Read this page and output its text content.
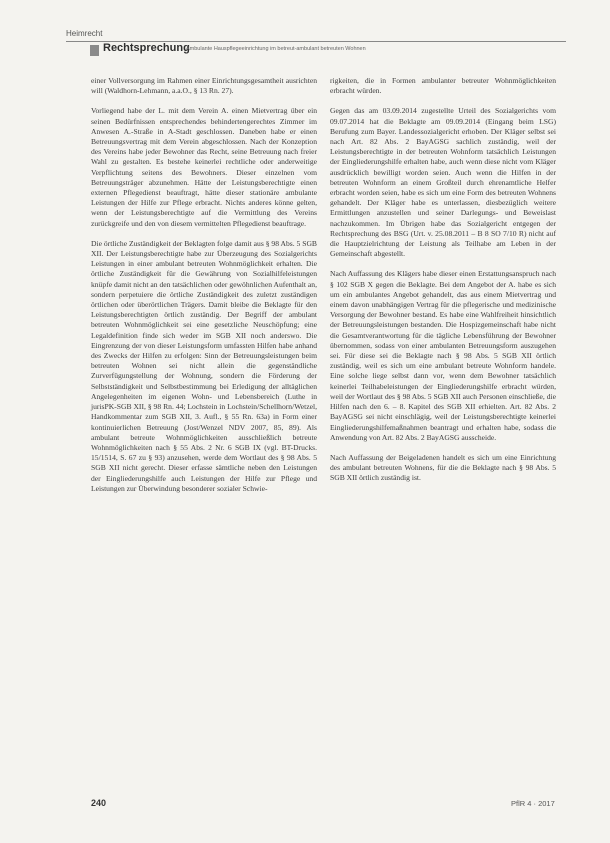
Heimrecht
Rechtsprechung
Ambulante Hauspflegeeinrichtung im betreut-ambulant betreuten Wohnen

einer Vollversorgung im Rahmen einer Einrichtungsgesamtheit ausrichten will (Waldhorn-Lehmann, a.a.O., § 13 Rn. 27).

Vorliegend habe der L. mit dem Verein A. einen Mietvertrag über ein seinen Bedürfnissen entsprechendes behindertengerechtes Zimmer im Anwesen A.-Straße in A-Stadt geschlossen. Daneben habe er einen Betreuungsvertrag mit dem Verein abgeschlossen. Nach der Konzeption des Vereins habe jeder Bewohner das Recht, seine Betreuung nach freier Wahl zu gestalten. Es bestehe keinerlei rechtliche oder anderweitige Verpflichtung seitens des Bewohners. Dieser einzelnen vom Betreuungsträger abzunehmen. Hätte der Leistungsberechtigte einen externen Pflegedienst beauftragt, hätte dieser stationäre ambulante Leistungen der Hilfe zur Pflege erbracht. Nichts anderes könne gelten, wenn der Leistungsberechtigte auf die Vermittlung des Vereins zurückgreife und den von diesem vermittelten Pflegedienst beauftrage.

Die örtliche Zuständigkeit der Beklagten folge damit aus § 98 Abs. 5 SGB XII. Der Leistungsberechtigte habe zur Überzeugung des Sozialgerichts Leistungen in einer ambulant betreuten Wohnmöglichkeit erhalten. Die örtliche Zuständigkeit für die Gewährung von Sozialhilfeleistungen knüpfe damit nicht an den tatsächlichen oder gewöhnlichen Aufenthalt an, sondern perpetuiere die örtliche Zuständigkeit des zuletzt zuständigen örtlichen oder überörtlichen Trägers. Damit bleibe die Beklagte für den Leistungsberechtigten örtlich zuständig. Der Begriff der ambulant betreuten Wohnmöglichkeit sei eine gesetzliche Neuschöpfung; eine Legaldefinition finde sich weder im SGB XII noch anderswo. Die Eingrenzung der von dieser Leistungsform umfassten Hilfen habe anhand des Zwecks der Hilfen zu erfolgen: Sinn der Betreuungsleistungen beim betreuten Wohnen sei nicht allein die gegenständliche Zurverfügungstellung der Wohnung, sondern die Förderung der Selbstständigkeit und Selbstbestimmung bei Erledigung der alltäglichen Angelegenheiten im eigenen Wohn- und Lebensbereich (Luthe in jurisPK-SGB XII, § 98 Rn. 44; Lochstein in Lochstein/Schellhorn/Wetzel, Handkommentar zum SGB XII, 3. Aufl., § 55 Rn. 63a) in Form einer kontinuierlichen Betreuung (Jost/Wenzel NDV 2007, 85, 89). Als ambulant betreute Wohnmöglichkeiten ausschließlich betreute Wohnmöglichkeiten nach § 55 Abs. 2 Nr. 6 SGB IX (vgl. BT-Drucks. 15/1514, S. 67 zu § 93) anzusehen, werde dem Wortlaut des § 98 Abs. 5 SGB XII nicht gerecht. Dieser erfasse sämtliche neben den Leistungen der Eingliederungshilfe auch Leistungen der Hilfe zur Pflege und Leistungen zur Überwindung besonderer sozialer Schwie-

rigkeiten, die in Formen ambulanter betreuter Wohnmöglichkeiten erbracht würden.

Gegen das am 03.09.2014 zugestellte Urteil des Sozialgerichts vom 09.07.2014 hat die Beklagte am 09.09.2014 (Eingang beim LSG) Berufung zum Bayer. Landessozialgericht erhoben. Der Kläger selbst sei nach Art. 82 Abs. 2 BayAGSG sachlich zuständig, weil der Leistungsberechtigte in der betreuten Wohnform tatsächlich Leistungen der Eingliederungshilfe erhalten habe, auch wenn diese nicht vom Kläger ausdrücklich bewilligt worden seien. Auch wenn die Hilfen in der betreuten Wohnform an einem Großteil durch ehrenamtliche Helfer erbracht worden seien, habe es sich um eine Form des betreuten Wohnens gehandelt. Der Kläger habe es unterlassen, diesbezüglich weitere Ermittlungen anzustellen und seiner Darlegungs- und Beweislast nachzukommen. Im Übrigen habe das Sozialgericht entgegen der Rechtsprechung des BSG (Urt. v. 25.08.2011 – B 8 SO 7/10 R) nicht auf die Hauptzielrichtung der Leistung als Teilhabe am Leben in der Gemeinschaft abgestellt.

Nach Auffassung des Klägers habe dieser einen Erstattungsanspruch nach § 102 SGB X gegen die Beklagte. Bei dem Angebot der A. habe es sich um ein ambulantes Angebot gehandelt, das aus einem Mietvertrag und einem davon unabhängigen Vertrag für die pflegerische und medizinische Versorgung der Bewohner bestand. Es habe eine Wahlfreiheit hinsichtlich der Betreuungsleistungen bestanden. Die Hospizgemeinschaft habe nicht die Gesamtverantwortung für die tägliche Lebensführung der Bewohner übernommen, sodass von einer ambulanten Betreuungsform auszugehen sei. Für diese sei die Beklagte nach § 98 Abs. 5 SGB XII örtlich zuständig, weil es sich um eine ambulant betreute Wohnform handele. Eine solche liege selbst dann vor, wenn dem Bewohner tatsächlich keinerlei Teilhabeleistungen der Eingliederungshilfe erbracht würden, weil der Wortlaut des § 98 Abs. 5 SGB XII auch Personen einschließe, die Hilfen nach den 6. – 8. Kapitel des SGB XII erhielten. Art. 82 Abs. 2 BayAGSG sei nicht einschlägig, weil der Leistungsberechtigte keinerlei Eingliederungshilfemaßnahmen beantragt und erhalten habe, sodass die Anwendung von Art. 82 Abs. 2 BayAGSG ausscheide.

Nach Auffassung der Beigeladenen handelt es sich um eine Einrichtung des ambulant betreuten Wohnens, für die die Beklagte nach § 98 Abs. 5 SGB XII örtlich zuständig ist.

240	PflR 4 · 2017
